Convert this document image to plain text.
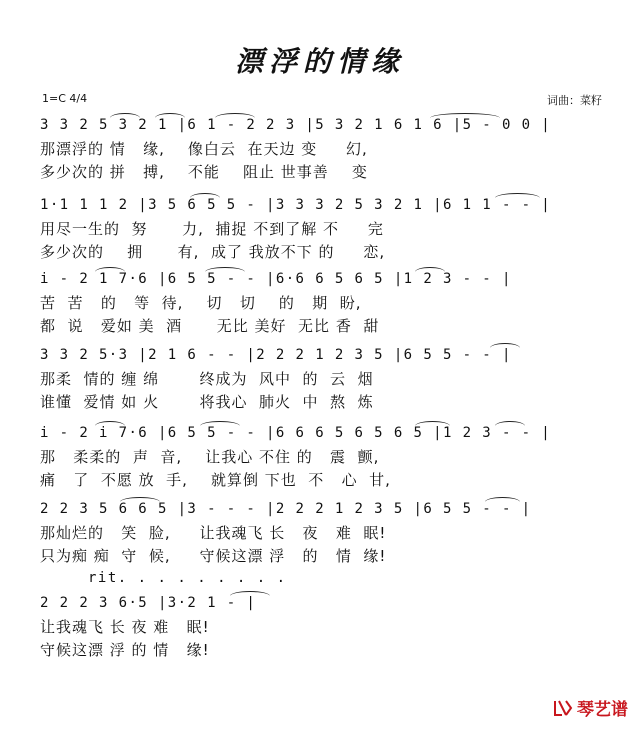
漂浮的情缘
1=C 4/4	词曲：菜籽
3 3 2 5 3 2 1 |6 1 - 2 2 3 |5 3 2 1 6 1 6 |5 - 0 0 |
那漂浮的 情   缘,    像白云  在天边 变     幻,
多少次的 拼   搏,    不能    阻止 世事善    变
1·1 1 1 2 |3 5 6 5 5 - |3 3 3 2 5 3 2 1 |6 1 1 - - |
用尽一生的  努      力,  捕捉 不到了解 不     完
多少次的    拥      有,  成了 我放不下 的     恋,
i - 2 1 7·6 |6 5 5 - - |6·6 6 5 6 5 |1 2 3 - - |
苦  苦   的   等  待,    切   切    的   期  盼,
都  说   爱如 美  酒      无比 美好  无比 香  甜
3 3 2 5·3 |2 1 6 - - |2 2 2 1 2 3 5 |6 5 5 - - |
那柔  情的 缠 绵       终成为  风中  的  云  烟
谁懂  爱情 如 火       将我心  肺火  中  熬  炼
i - 2 i 7·6 |6 5 5 - - |6 6 6 5 6 5 6 5 |1 2 3 - - |
那   柔柔的  声  音,    让我心 不住 的   震  颤,
痛   了  不愿 放  手,    就算倒 下也  不   心  甘,
2 2 3 5 6 6 5 |3 - - - |2 2 2 1 2 3 5 |6 5 5 - - |
那灿烂的   笑  脸,     让我魂飞 长   夜   难  眠!
只为痴 痴  守  候,     守候这漂 浮   的   情  缘!
rit. . . . . . . . .
2 2 2 3 6·5 |3·2 1 - |
让我魂飞 长 夜 难   眠!
守候这漂 浮 的 情   缘!
琴艺谱
